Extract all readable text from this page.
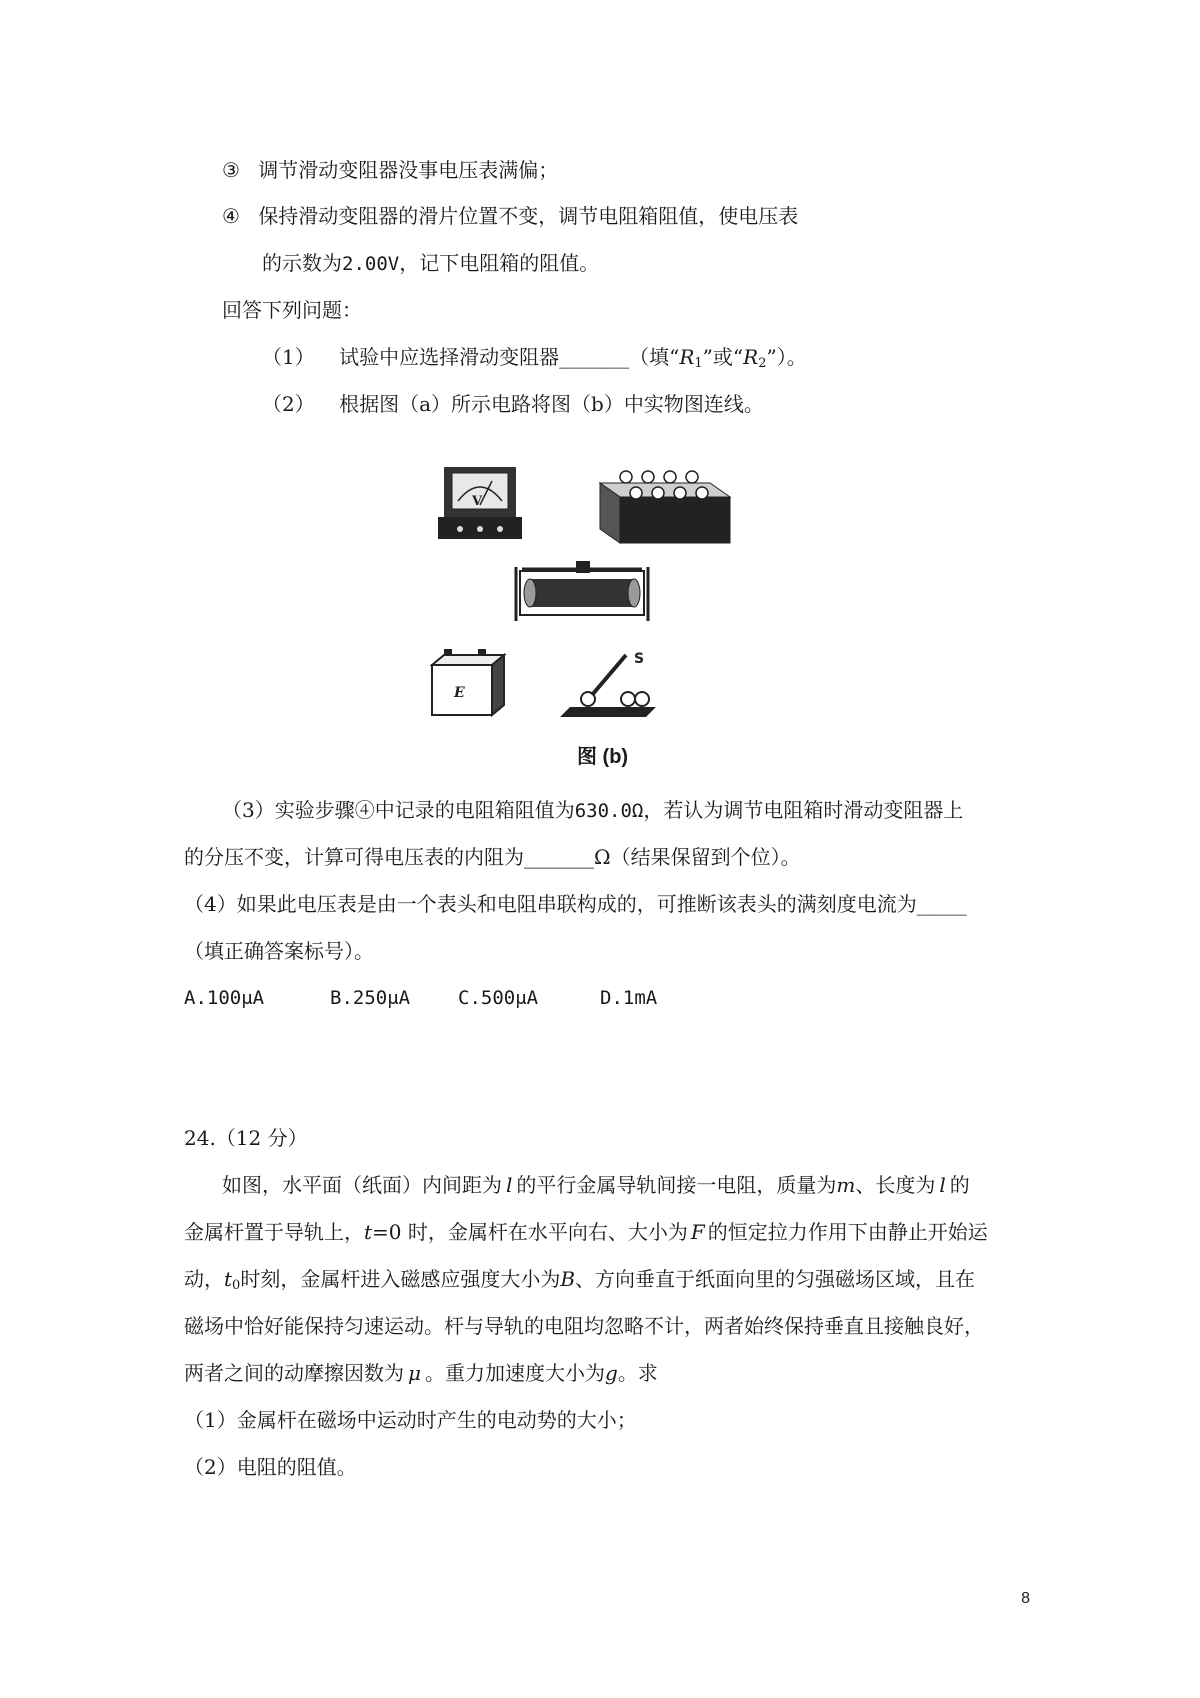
③ 调节滑动变阻器没事电压表满偏；
④ 保持滑动变阻器的滑片位置不变，调节电阻箱阻值，使电压表
的示数为2.00V，记下电阻箱的阻值。
回答下列问题：
（1） 试验中应选择滑动变阻器_______（填“$R_1$”或“$R_2$”）。
（2） 根据图（a）所示电路将图（b）中实物图连线。
V
E
S
图 (b)
（3）实验步骤④中记录的电阻箱阻值为630.0Ω，若认为调节电阻箱时滑动变阻器上
的分压不变，计算可得电压表的内阻为_______Ω（结果保留到个位）。
（4）如果此电压表是由一个表头和电阻串联构成的，可推断该表头的满刻度电流为_____
（填正确答案标号）。
A.100μA	B.250μA	C.500μA	D.1mA
24.（12 分）
如图，水平面（纸面）内间距为 l 的平行金属导轨间接一电阻，质量为m、长度为 l 的
金属杆置于导轨上，t=0 时，金属杆在水平向右、大小为 F 的恒定拉力作用下由静止开始运
动，$t_0$时刻，金属杆进入磁感应强度大小为B、方向垂直于纸面向里的匀强磁场区域，且在
磁场中恰好能保持匀速运动。杆与导轨的电阻均忽略不计，两者始终保持垂直且接触良好，
两者之间的动摩擦因数为 μ 。重力加速度大小为g。求
（1）金属杆在磁场中运动时产生的电动势的大小；
（2）电阻的阻值。
8
